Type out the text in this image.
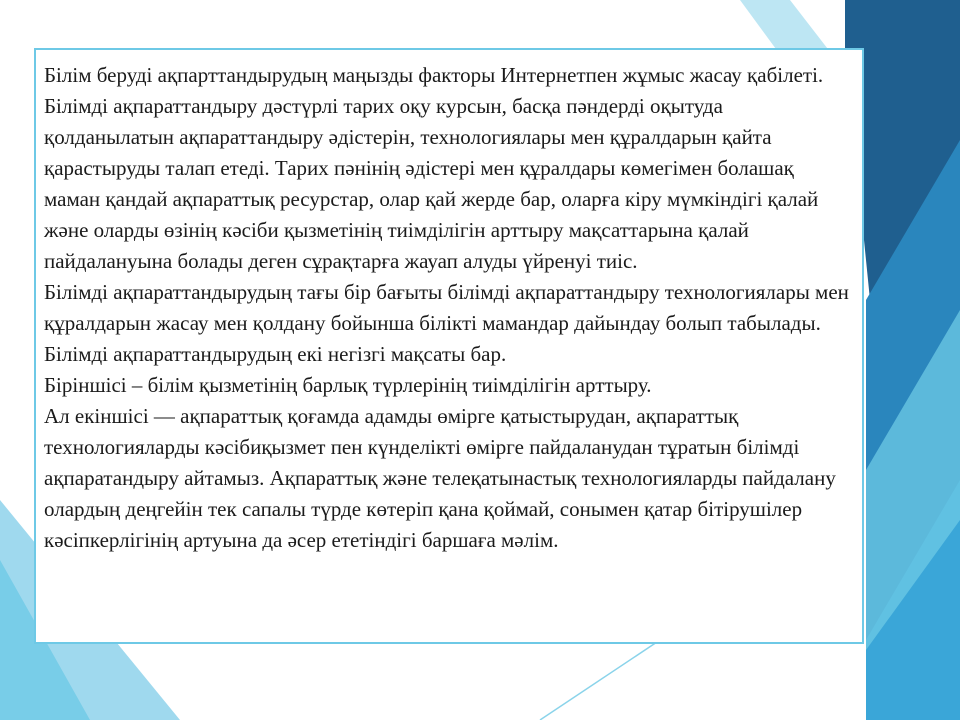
Білім беруді ақпарттандырудың маңызды факторы Интернетпен жұмыс жасау қабілеті. Білімді ақпараттандыру дәстүрлі тарих оқу курсын, басқа пәндерді оқытуда қолданылатын ақпараттандыру әдістерін, технологиялары мен құралдарын қайта қарастыруды талап етеді. Тарих пәнінің әдістері мен құралдары көмегімен болашақ маман қандай ақпараттық ресурстар, олар қай жерде бар, оларға кіру мүмкіндігі қалай және оларды өзінің кәсіби қызметінің тиімділігін арттыру мақсаттарына қалай пайдалануына болады деген сұрақтарға жауап алуды үйренуі тиіс.

Білімді ақпараттандырудың тағы бір бағыты білімді ақпараттандыру технологиялары мен құралдарын жасау мен қолдану бойынша білікті мамандар дайындау болып табылады. Білімді ақпараттандырудың екі негізгі мақсаты бар.

Біріншісі – білім қызметінің барлық түрлерінің тиімділігін арттыру.

Ал екіншісі — ақпараттық қоғамда адамды өмірге қатыстырудан, ақпараттық технологияларды кәсібиқызмет пен күнделікті өмірге пайдаланудан тұратын білімді ақпаратандыру айтамыз. Ақпараттық және телеқатынастық технологияларды пайдалану олардың деңгейін тек сапалы түрде көтеріп қана қоймай, сонымен қатар бітірушілер кәсіпкерлігінің артуына да әсер ететіндігі баршаға мәлім.
